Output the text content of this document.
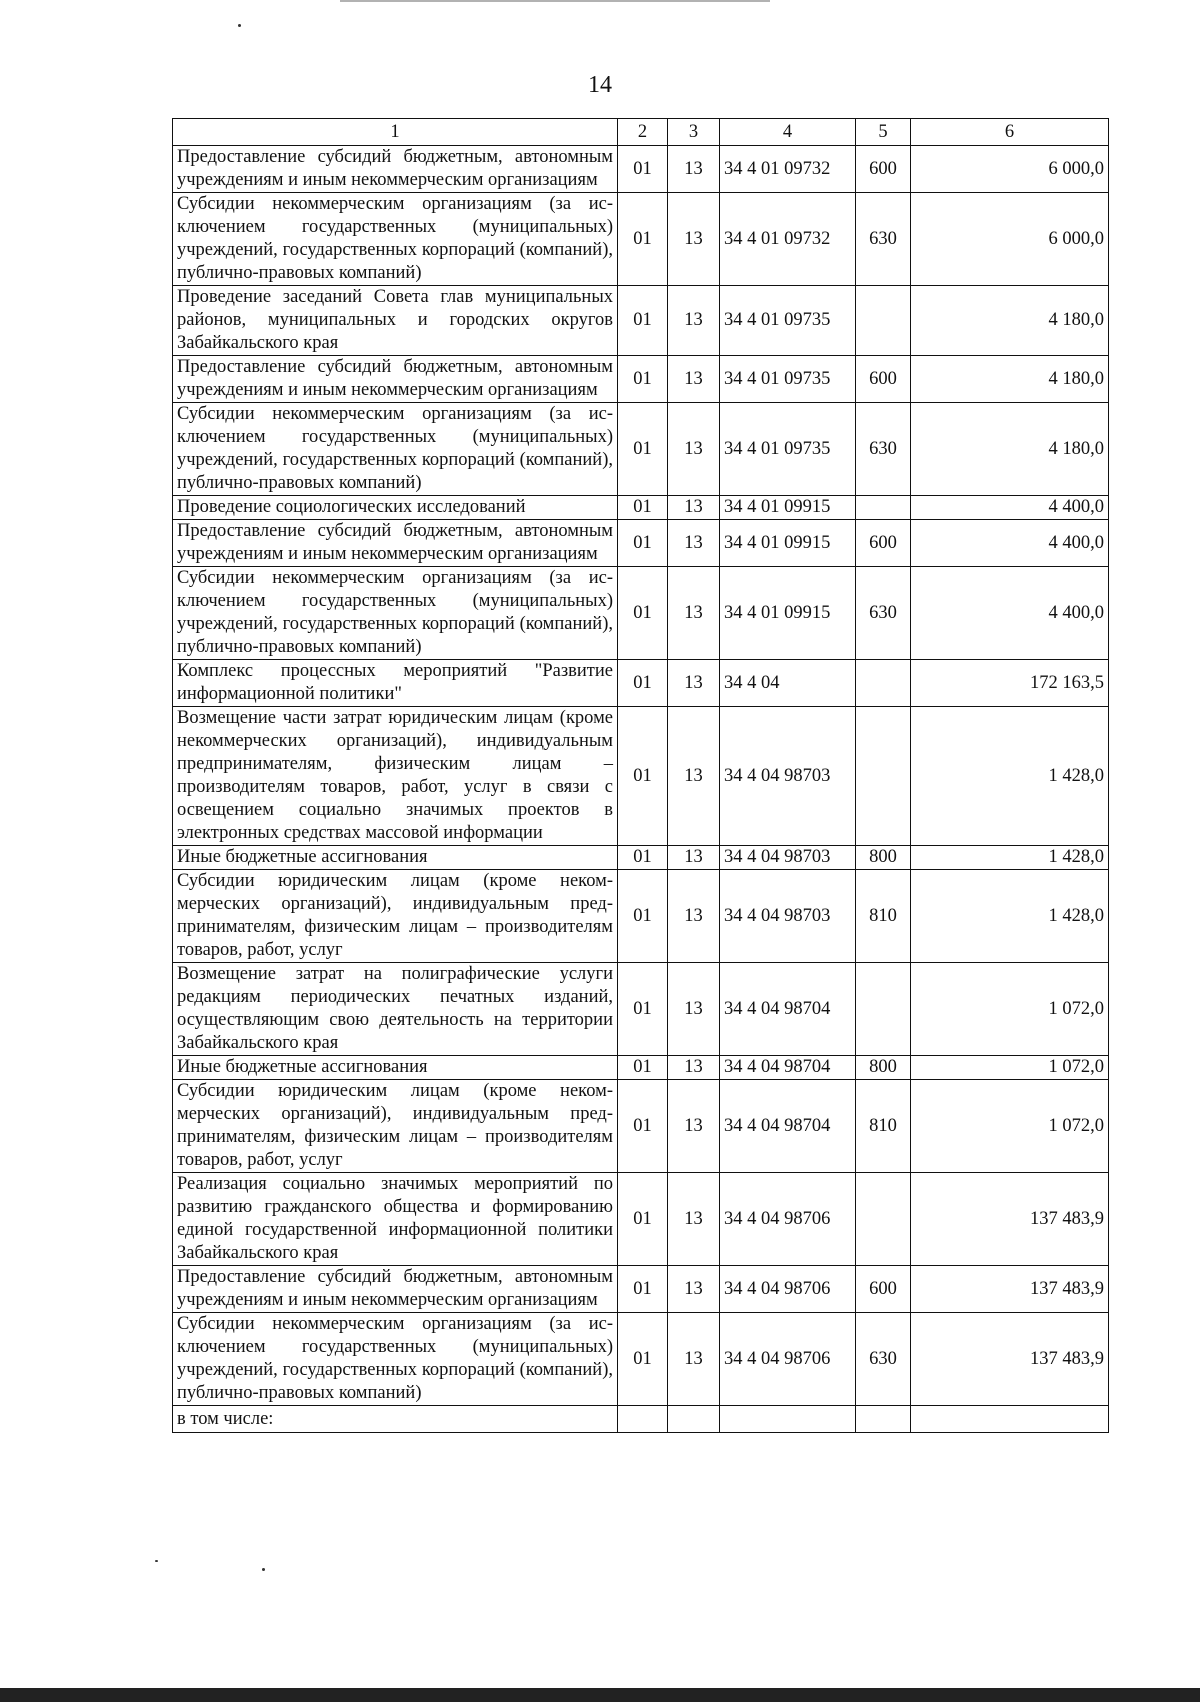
14
1	2	3	4	5	6
Предоставление субсидий бюджетным, автономным учреждениям и иным некоммерческим организациям	01	13	34 4 01 09732	600	6 000,0
Субсидии некоммерческим организациям (за исключением государственных (муниципальных) учреждений, государственных корпораций (компаний), публично-правовых компаний)	01	13	34 4 01 09732	630	6 000,0
Проведение заседаний Совета глав муниципальных районов, муниципальных и городских округов Забайкальского края	01	13	34 4 01 09735		4 180,0
Предоставление субсидий бюджетным, автономным учреждениям и иным некоммерческим организациям	01	13	34 4 01 09735	600	4 180,0
Субсидии некоммерческим организациям (за исключением государственных (муниципальных) учреждений, государственных корпораций (компаний), публично-правовых компаний)	01	13	34 4 01 09735	630	4 180,0
Проведение социологических исследований	01	13	34 4 01 09915		4 400,0
Предоставление субсидий бюджетным, автономным учреждениям и иным некоммерческим организациям	01	13	34 4 01 09915	600	4 400,0
Субсидии некоммерческим организациям (за исключением государственных (муниципальных) учреждений, государственных корпораций (компаний), публично-правовых компаний)	01	13	34 4 01 09915	630	4 400,0
Комплекс процессных мероприятий "Развитие информационной политики"	01	13	34 4 04		172 163,5
Возмещение части затрат юридическим лицам (кроме некоммерческих организаций), индивидуальным предпринимателям, физическим лицам – производителям товаров, работ, услуг в связи с освещением социально значимых проектов в электронных средствах массовой информации	01	13	34 4 04 98703		1 428,0
Иные бюджетные ассигнования	01	13	34 4 04 98703	800	1 428,0
Субсидии юридическим лицам (кроме некоммерческих организаций), индивидуальным предпринимателям, физическим лицам – производителям товаров, работ, услуг	01	13	34 4 04 98703	810	1 428,0
Возмещение затрат на полиграфические услуги редакциям периодических печатных изданий, осуществляющим свою деятельность на территории Забайкальского края	01	13	34 4 04 98704		1 072,0
Иные бюджетные ассигнования	01	13	34 4 04 98704	800	1 072,0
Субсидии юридическим лицам (кроме некоммерческих организаций), индивидуальным предпринимателям, физическим лицам – производителям товаров, работ, услуг	01	13	34 4 04 98704	810	1 072,0
Реализация социально значимых мероприятий по развитию гражданского общества и формированию единой государственной информационной политики Забайкальского края	01	13	34 4 04 98706		137 483,9
Предоставление субсидий бюджетным, автономным учреждениям и иным некоммерческим организациям	01	13	34 4 04 98706	600	137 483,9
Субсидии некоммерческим организациям (за исключением государственных (муниципальных) учреждений, государственных корпораций (компаний), публично-правовых компаний)	01	13	34 4 04 98706	630	137 483,9
в том числе:					
